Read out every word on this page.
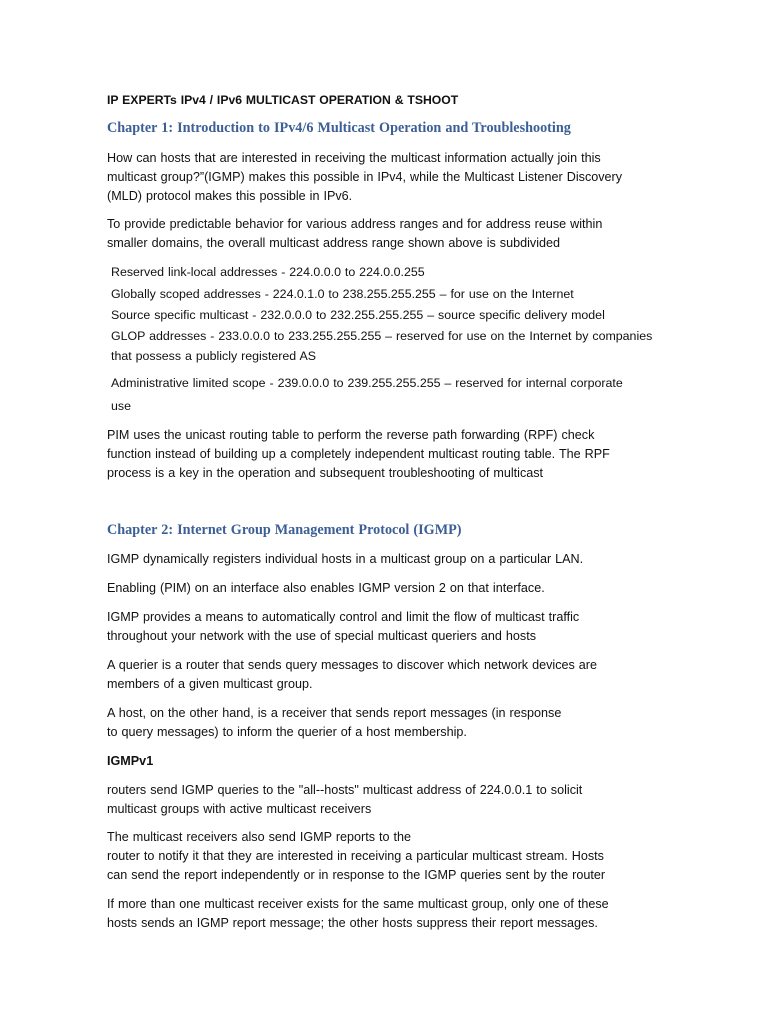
IP EXPERTs IPv4 / IPv6 MULTICAST OPERATION & TSHOOT
Chapter 1: Introduction to IPv4/6 Multicast Operation and Troubleshooting
How can hosts that are interested in receiving the multicast information actually join this
multicast group?”(IGMP) makes this possible in IPv4, while the Multicast Listener Discovery
(MLD) protocol makes this possible in IPv6.
To provide predictable behavior for various address ranges and for address reuse within
smaller domains, the overall multicast address range shown above is subdivided
Reserved link-local addresses - 224.0.0.0 to 224.0.0.255
Globally scoped addresses - 224.0.1.0 to 238.255.255.255 – for use on the Internet
Source specific multicast - 232.0.0.0 to 232.255.255.255 – source specific delivery model
GLOP addresses - 233.0.0.0 to 233.255.255.255 – reserved for use on the Internet by companies
that possess a publicly registered AS
Administrative limited scope - 239.0.0.0 to 239.255.255.255 – reserved for internal corporate
use
PIM uses the unicast routing table to perform the reverse path forwarding (RPF) check
function instead of building up a completely independent multicast routing table. The RPF
process is a key in the operation and subsequent troubleshooting of multicast
Chapter 2: Internet Group Management Protocol (IGMP)
IGMP dynamically registers individual hosts in a multicast group on a particular LAN.
Enabling (PIM) on an interface also enables IGMP version 2 on that interface.
IGMP provides a means to automatically control and limit the flow of multicast traffic
throughout your network with the use of special multicast queriers and hosts
A querier is a router that sends query messages to discover which network devices are
members of a given multicast group.
A host, on the other hand, is a receiver that sends report messages (in response
to query messages) to inform the querier of a host membership.
IGMPv1
routers send IGMP queries to the "all--hosts" multicast address of 224.0.0.1 to solicit
multicast groups with active multicast receivers
The multicast receivers also send IGMP reports to the
router to notify it that they are interested in receiving a particular multicast stream. Hosts
can send the report independently or in response to the IGMP queries sent by the router
If more than one multicast receiver exists for the same multicast group, only one of these
hosts sends an IGMP report message; the other hosts suppress their report messages.
